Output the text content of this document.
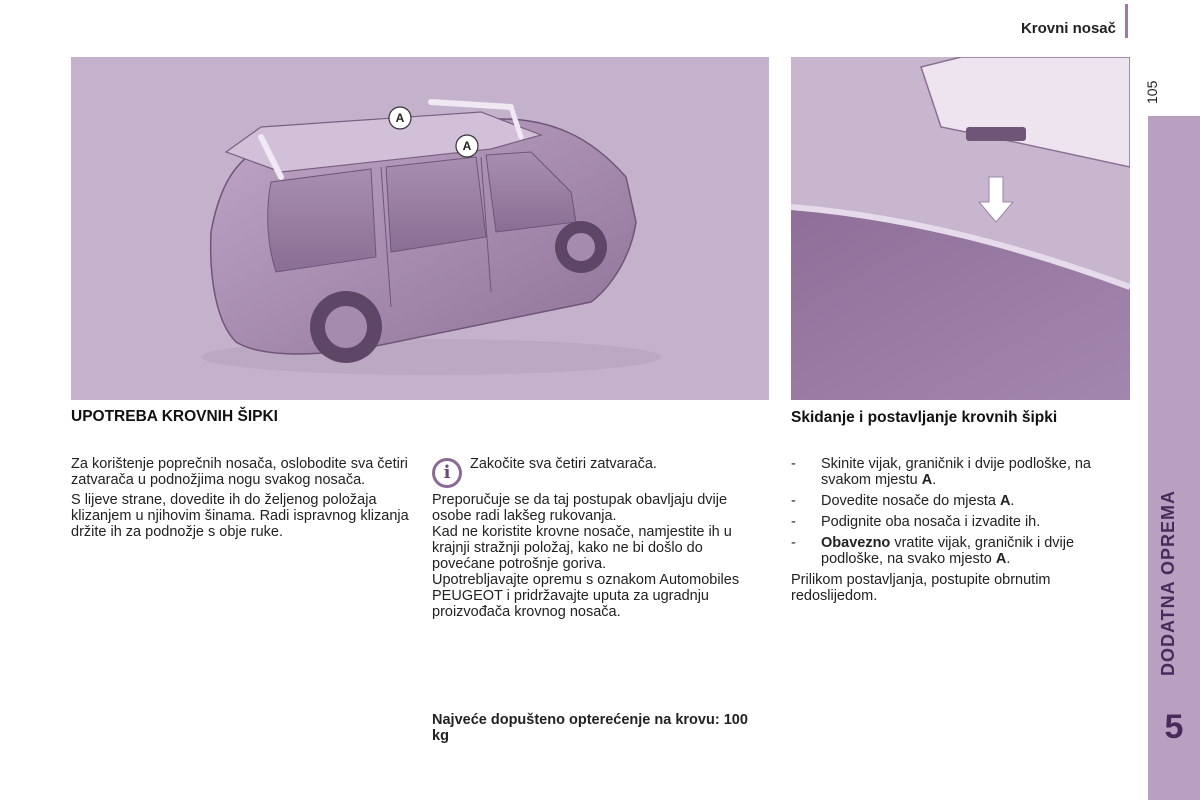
Krovni nosač
105
DODATNA OPREMA
5
A
A
UPOTREBA KROVNIH ŠIPKI

Za korištenje poprečnih nosača, oslobodite sva četiri zatvarača u podnožjima nogu svakog nosača.

S lijeve strane, dovedite ih do željenog položaja klizanjem u njihovim šinama. Radi ispravnog klizanja držite ih za podnožje s obje ruke.

i	Zakočite sva četiri zatvarača.

Preporučuje se da taj postupak obavljaju dvije osobe radi lakšeg rukovanja.

Kad ne koristite krovne nosače, namjestite ih u krajnji stražnji položaj, kako ne bi došlo do povećane potrošnje goriva.

Upotrebljavajte opremu s oznakom Automobiles PEUGEOT i pridržavajte uputa za ugradnju proizvođača krovnog nosača.

Najveće dopušteno opterećenje na krovu: 100 kg
Skidanje i postavljanje krovnih šipki
- Skinite vijak, graničnik i dvije podloške, na svakom mjestu A.
- Dovedite nosače do mjesta A.
- Podignite oba nosača i izvadite ih.
- Obavezno vratite vijak, graničnik i dvije podloške, na svako mjesto A.

Prilikom postavljanja, postupite obrnutim redoslijedom.
